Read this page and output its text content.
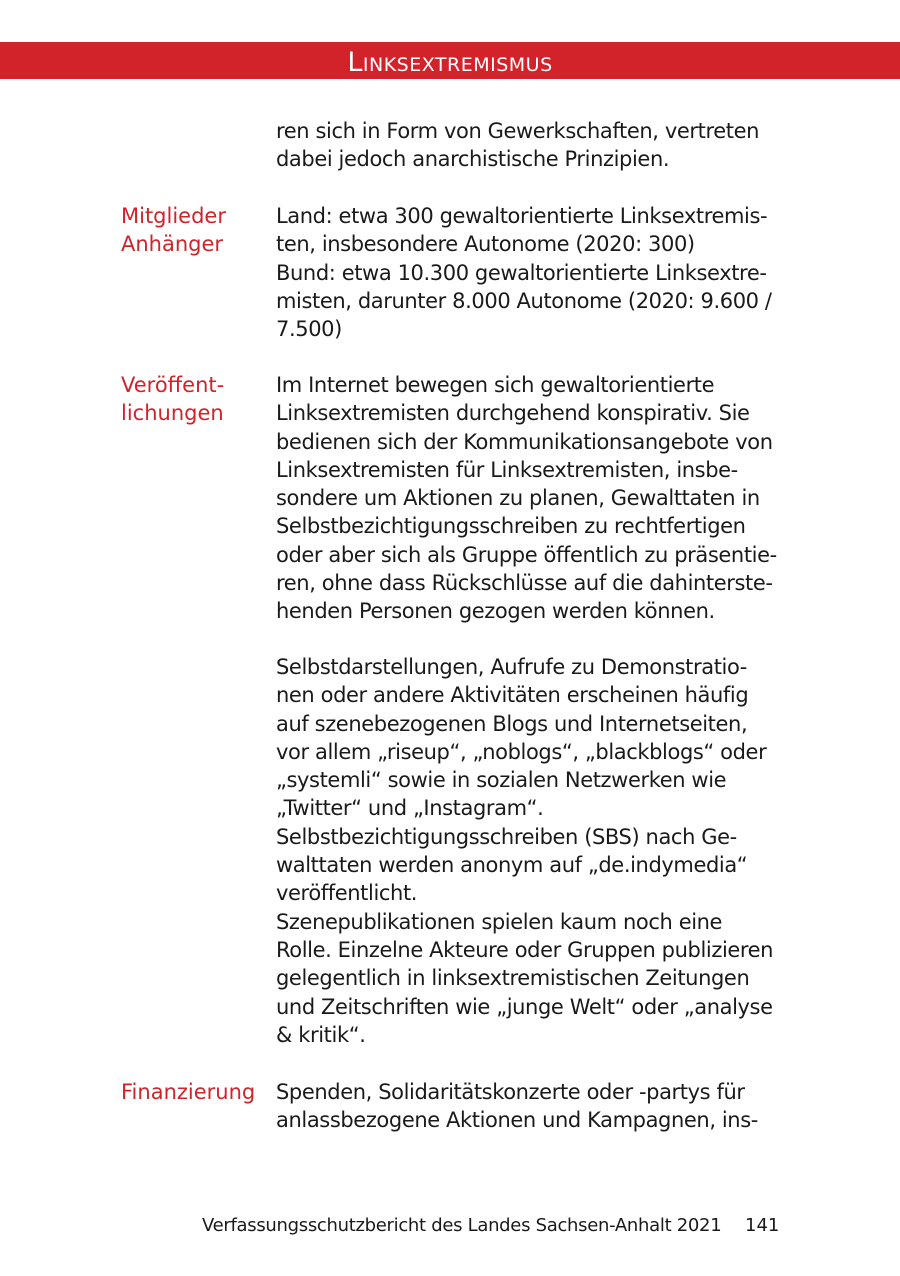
Linksextremismus
ren sich in Form von Gewerkschaften, vertreten
dabei jedoch anarchistische Prinzipien.
Mitglieder
Anhänger
Land: etwa 300 gewaltorientierte Linksextremis-
ten, insbesondere Autonome (2020: 300)
Bund: etwa 10.300 gewaltorientierte Linksextre-
misten, darunter 8.000 Autonome (2020: 9.600 /
7.500)
Veröffent-
lichungen
Im Internet bewegen sich gewaltorientierte
Linksextremisten durchgehend konspirativ. Sie
bedienen sich der Kommunikationsangebote von
Linksextremisten für Linksextremisten, insbe-
sondere um Aktionen zu planen, Gewalttaten in
Selbstbezichtigungsschreiben zu rechtfertigen
oder aber sich als Gruppe öffentlich zu präsentie-
ren, ohne dass Rückschlüsse auf die dahinterste-
henden Personen gezogen werden können.
Selbstdarstellungen, Aufrufe zu Demonstratio-
nen oder andere Aktivitäten erscheinen häufig
auf szenebezogenen Blogs und Internetseiten,
vor allem „riseup“, „noblogs“, „blackblogs“ oder
„systemli“ sowie in sozialen Netzwerken wie
„Twitter“ und „Instagram“.
Selbstbezichtigungsschreiben (SBS) nach Ge-
walttaten werden anonym auf „de.indymedia“
veröffentlicht.
Szenepublikationen spielen kaum noch eine
Rolle. Einzelne Akteure oder Gruppen publizieren
gelegentlich in linksextremistischen Zeitungen
und Zeitschriften wie „junge Welt“ oder „analyse
& kritik“.
Finanzierung Spenden, Solidaritätskonzerte oder -partys für
anlassbezogene Aktionen und Kampagnen, ins-
Verfassungsschutzbericht des Landes Sachsen-Anhalt 2021 141
